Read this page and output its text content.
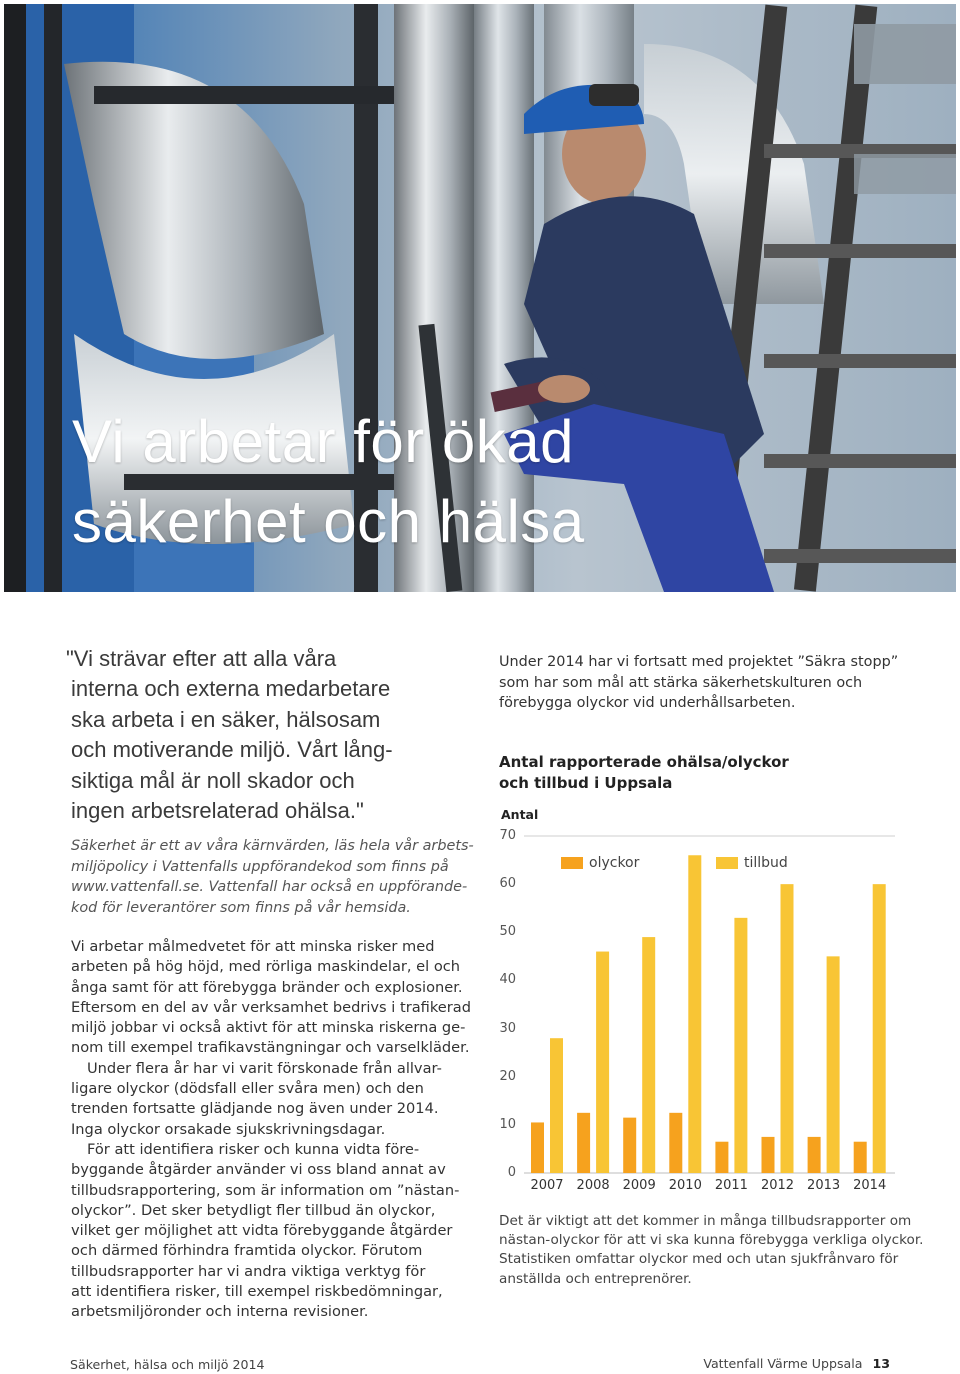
Vi arbetar för ökad
säkerhet och hälsa
"Vi strävar efter att alla våra
interna och externa medarbetare
ska arbeta i en säker, hälsosam
och motiverande miljö. Vårt lång-
siktiga mål är noll skador och
ingen arbetsrelaterad ohälsa."
Säkerhet är ett av våra kärnvärden, läs hela vår arbets-
miljöpolicy i Vattenfalls uppförandekod som finns på
www.vattenfall.se. Vattenfall har också en uppförande-
kod för leverantörer som finns på vår hemsida.
Vi arbetar målmedvetet för att minska risker med
arbeten på hög höjd, med rörliga maskindelar, el och
ånga samt för att förebygga bränder och explosioner.
Eftersom en del av vår verksamhet bedrivs i trafikerad
miljö jobbar vi också aktivt för att minska riskerna ge-
nom till exempel trafikavstängningar och varselkläder.
Under flera år har vi varit förskonade från allvar-
ligare olyckor (dödsfall eller svåra men) och den
trenden fortsatte glädjande nog även under 2014.
Inga olyckor orsakade sjukskrivningsdagar.
För att identifiera risker och kunna vidta före-
byggande åtgärder använder vi oss bland annat av
tillbudsrapportering, som är information om ”nästan-
olyckor”. Det sker betydligt fler tillbud än olyckor,
vilket ger möjlighet att vidta förebyggande åtgärder
och därmed förhindra framtida olyckor. Förutom
tillbudsrapporter har vi andra viktiga verktyg för
att identifiera risker, till exempel riskbedömningar,
arbetsmiljöronder och interna revisioner.
Under 2014 har vi fortsatt med projektet ”Säkra stopp”
som har som mål att stärka säkerhetskulturen och
förebygga olyckor vid underhållsarbeten.
Antal rapporterade ohälsa/olyckor
och tillbud i Uppsala
Antal
0
10
20
30
40
50
60
70
olyckor	tillbud
2007	2008	2009	2010	2011	2012	2013	2014
Det är viktigt att det kommer in många tillbudsrapporter om
nästan-olyckor för att vi ska kunna förebygga verkliga olyckor.
Statistiken omfattar olyckor med och utan sjukfrånvaro för
anställda och entreprenörer.
Säkerhet, hälsa och miljö 2014	Vattenfall Värme Uppsala 13
